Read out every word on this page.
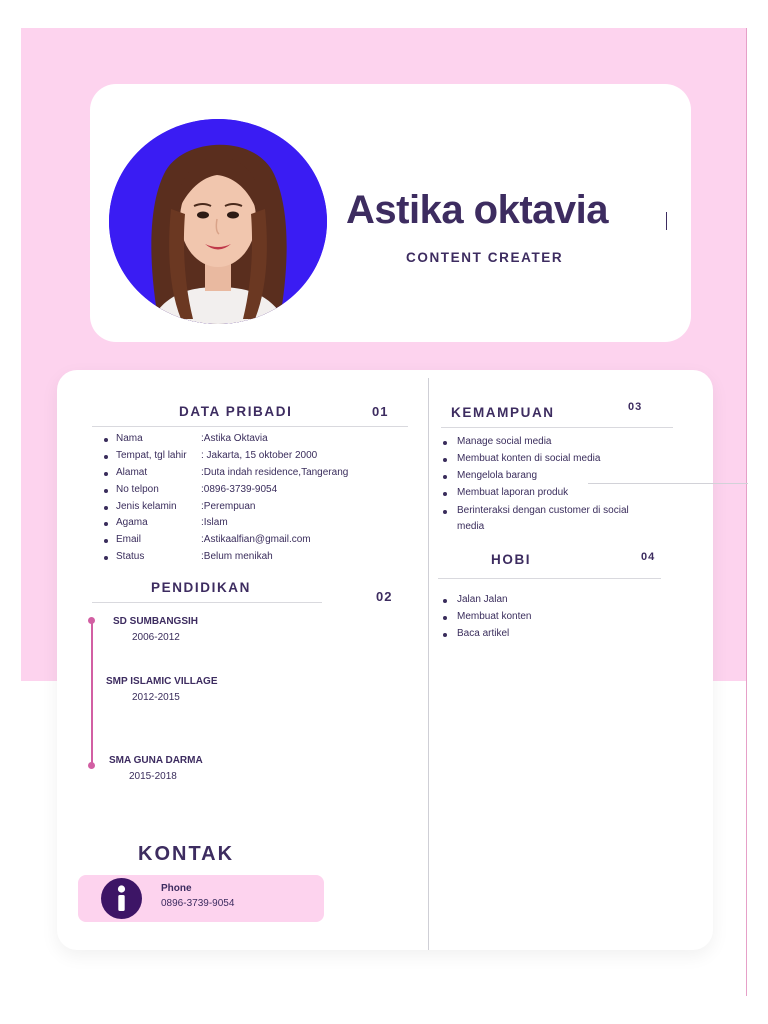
Astika oktavia
CONTENT CREATER
DATA PRIBADI	01
Nama	:Astika Oktavia
Tempat, tgl lahir : Jakarta, 15 oktober 2000
Alamat	:Duta indah residence,Tangerang
No telpon	:0896-3739-9054
Jenis kelamin :Perempuan
Agama	:Islam
Email	:Astikaalfian@gmail.com
Status	:Belum menikah
PENDIDIKAN
02
SD SUMBANGSIH
2006-2012
SMP ISLAMIC VILLAGE
2012-2015
SMA GUNA DARMA
2015-2018
KEMAMPUAN	03
Manage social media
Membuat konten di social media
Mengelola barang
Membuat laporan produk
Berinteraksi dengan customer di social
media
HOBI	04
Jalan Jalan
Membuat konten
Baca artikel
KONTAK
Phone
0896-3739-9054
